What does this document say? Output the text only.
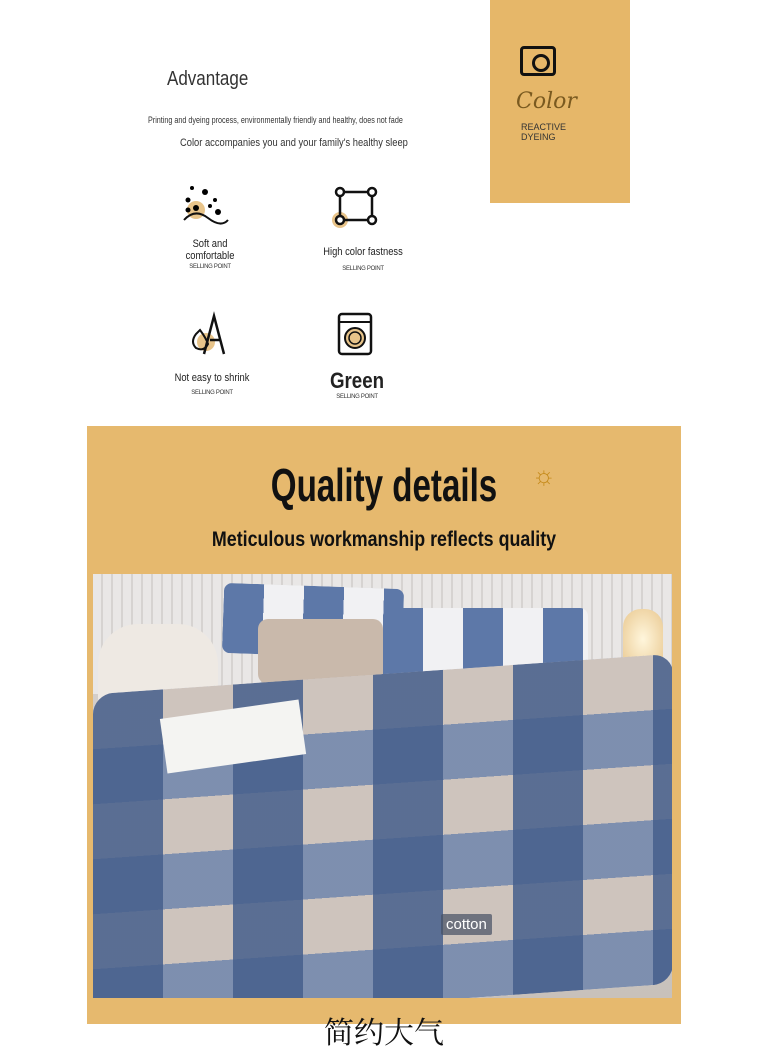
Advantage
Printing and dyeing process, environmentally friendly and healthy, does not fade
Color accompanies you and your family's healthy sleep
Color
REACTIVE
DYEING
Soft and comfortable
SELLING POINT
High color fastness
SELLING POINT
Not easy to shrink
SELLING POINT	Green
SELLING POINT
Quality details	☼
Meticulous workmanship reflects quality
cotton
简约大气
